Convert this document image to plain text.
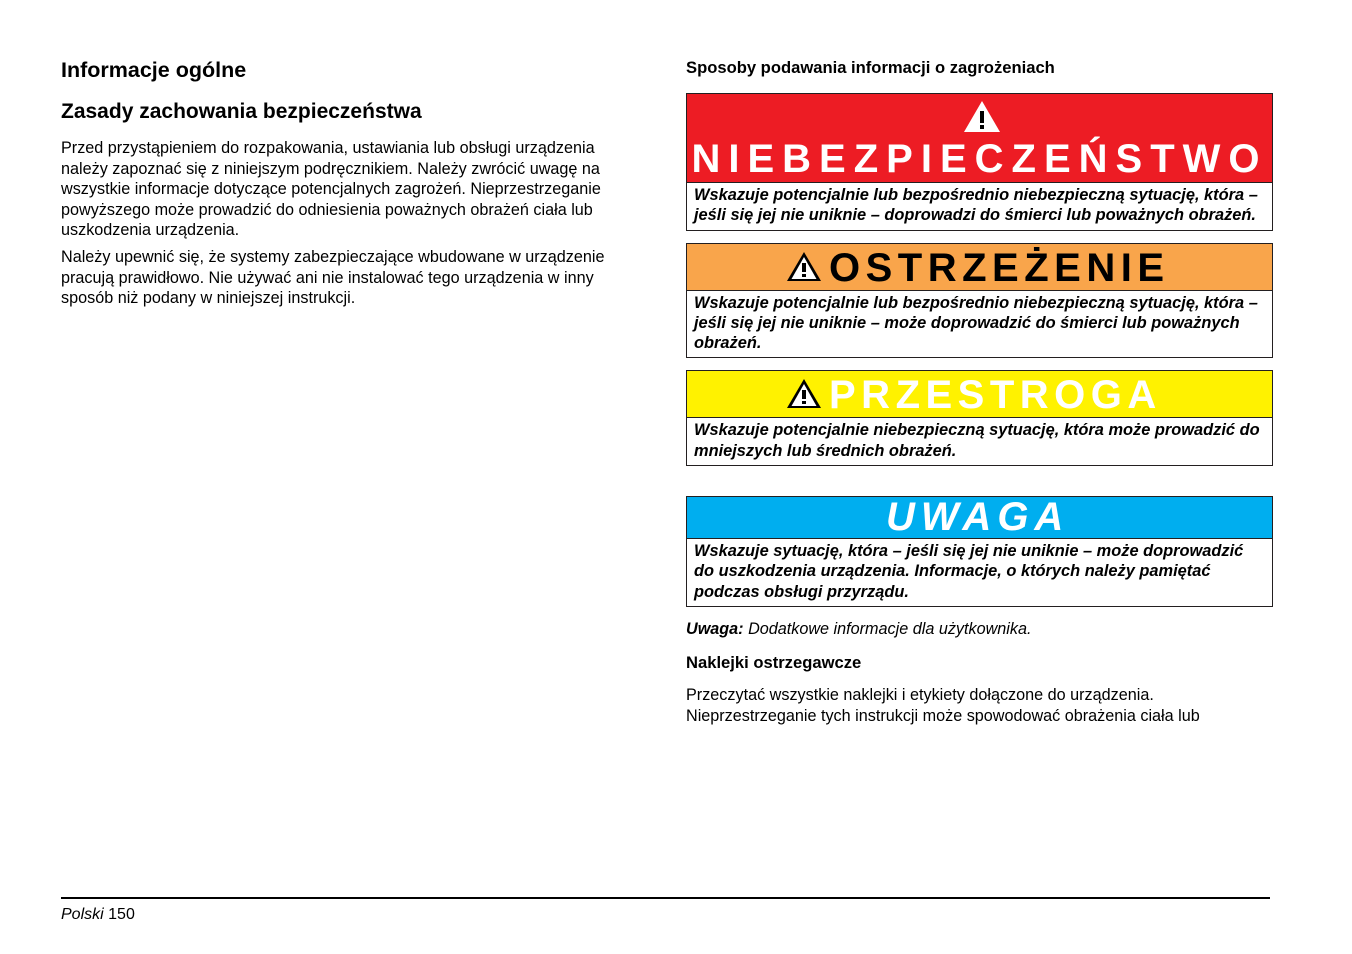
Informacje ogólne
Zasady zachowania bezpieczeństwa

Przed przystąpieniem do rozpakowania, ustawiania lub obsługi urządzenia należy zapoznać się z niniejszym podręcznikiem. Należy zwrócić uwagę na wszystkie informacje dotyczące potencjalnych zagrożeń. Nieprzestrzeganie powyższego może prowadzić do odniesienia poważnych obrażeń ciała lub uszkodzenia urządzenia.

Należy upewnić się, że systemy zabezpieczające wbudowane w urządzenie pracują prawidłowo. Nie używać ani nie instalować tego urządzenia w inny sposób niż podany w niniejszej instrukcji.

Sposoby podawania informacji o zagrożeniach
NIEBEZPIECZEŃSTWO
Wskazuje potencjalnie lub bezpośrednio niebezpieczną sytuację, która – jeśli się jej nie uniknie – doprowadzi do śmierci lub poważnych obrażeń.
OSTRZEŻENIE
Wskazuje potencjalnie lub bezpośrednio niebezpieczną sytuację, która – jeśli się jej nie uniknie – może doprowadzić do śmierci lub poważnych obrażeń.
PRZESTROGA
Wskazuje potencjalnie niebezpieczną sytuację, która może prowadzić do mniejszych lub średnich obrażeń.
UWAGA
Wskazuje sytuację, która – jeśli się jej nie uniknie – może doprowadzić do uszkodzenia urządzenia. Informacje, o których należy pamiętać podczas obsługi przyrządu.

Uwaga: Dodatkowe informacje dla użytkownika.

Naklejki ostrzegawcze

Przeczytać wszystkie naklejki i etykiety dołączone do urządzenia. Nieprzestrzeganie tych instrukcji może spowodować obrażenia ciała lub

Polski 150
